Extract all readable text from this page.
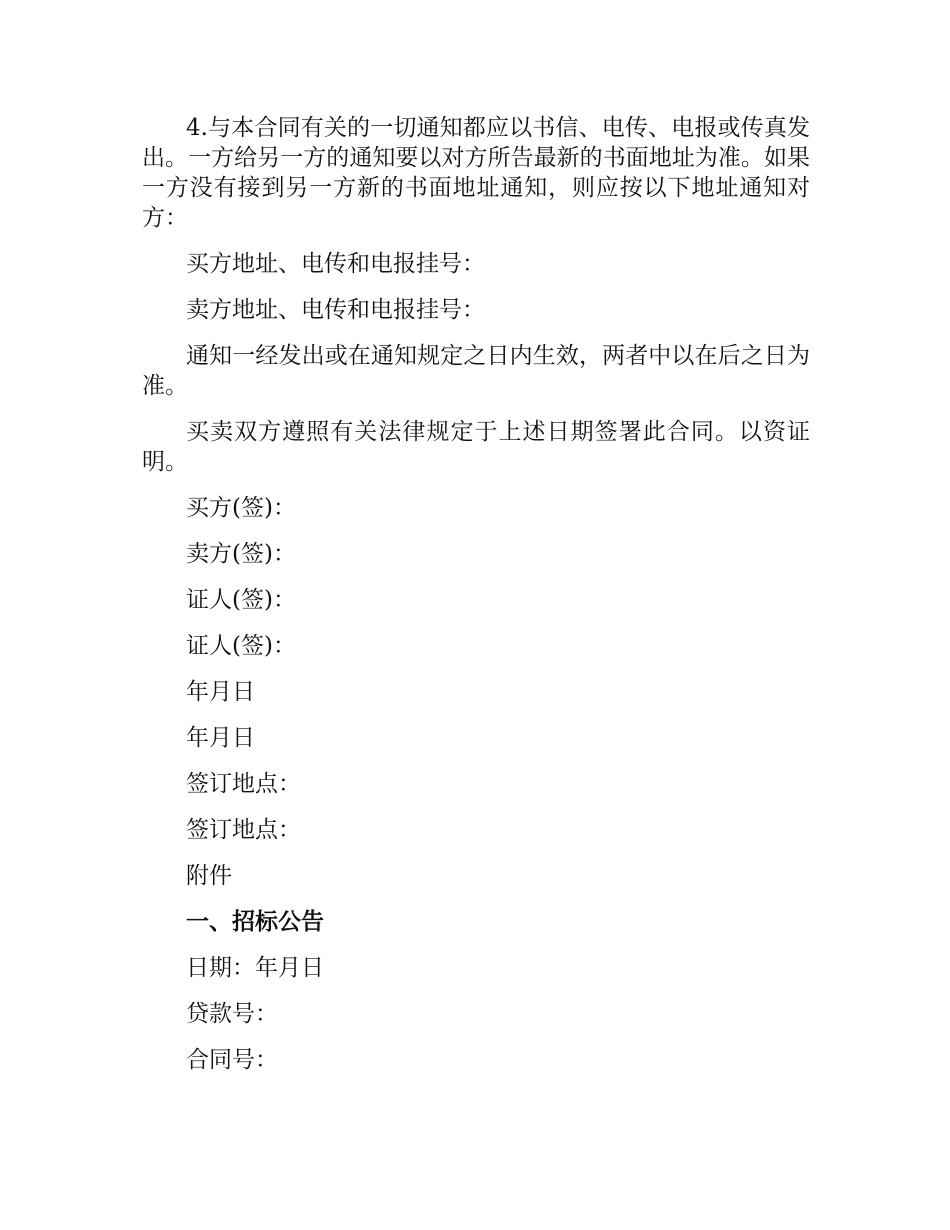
4.与本合同有关的一切通知都应以书信、电传、电报或传真发出。一方给另一方的通知要以对方所告最新的书面地址为准。如果一方没有接到另一方新的书面地址通知，则应按以下地址通知对方：

买方地址、电传和电报挂号：

卖方地址、电传和电报挂号：

通知一经发出或在通知规定之日内生效，两者中以在后之日为准。

买卖双方遵照有关法律规定于上述日期签署此合同。以资证明。

买方(签)：

卖方(签)：

证人(签)：

证人(签)：

年月日

年月日

签订地点：

签订地点：

附件

一、招标公告

日期：年月日

贷款号：

合同号：
